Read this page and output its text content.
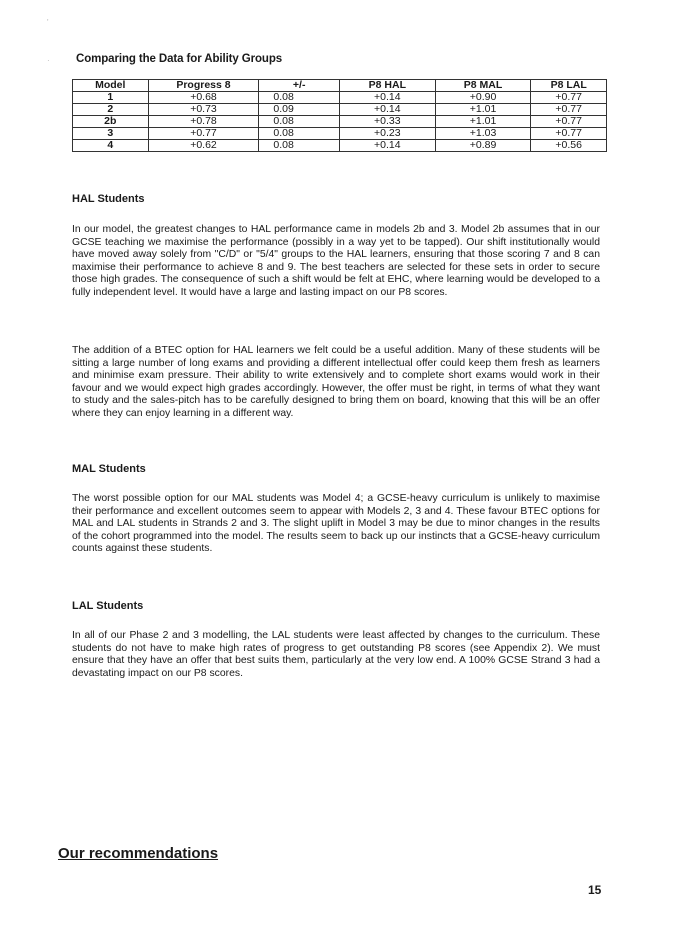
'
· Comparing the Data for Ability Groups
Model	Progress 8	+/-	P8 HAL	P8 MAL	P8 LAL
1	+0.68	0.08	+0.14	+0.90	+0.77
2	+0.73	0.09	+0.14	+1.01	+0.77
2b	+0.78	0.08	+0.33	+1.01	+0.77
3	+0.77	0.08	+0.23	+1.03	+0.77
4	+0.62	0.08	+0.14	+0.89	+0.56
HAL Students

In our model, the greatest changes to HAL performance came in models 2b and 3. Model 2b assumes that in our GCSE teaching we maximise the performance (possibly in a way yet to be tapped). Our shift institutionally would have moved away solely from "C/D" or "5/4" groups to the HAL learners, ensuring that those scoring 7 and 8 can maximise their performance to achieve 8 and 9. The best teachers are selected for these sets in order to secure those high grades. The consequence of such a shift would be felt at EHC, where learning would be developed to a fully independent level. It would have a large and lasting impact on our P8 scores.

The addition of a BTEC option for HAL learners we felt could be a useful addition. Many of these students will be sitting a large number of long exams and providing a different intellectual offer could keep them fresh as learners and minimise exam pressure. Their ability to write extensively and to complete short exams would work in their favour and we would expect high grades accordingly. However, the offer must be right, in terms of what they want to study and the sales-pitch has to be carefully designed to bring them on board, knowing that this will be an offer where they can enjoy learning in a different way.

MAL Students

The worst possible option for our MAL students was Model 4; a GCSE-heavy curriculum is unlikely to maximise their performance and excellent outcomes seem to appear with Models 2, 3 and 4. These favour BTEC options for MAL and LAL students in Strands 2 and 3. The slight uplift in Model 3 may be due to minor changes in the results of the cohort programmed into the model. The results seem to back up our instincts that a GCSE-heavy curriculum counts against these students.

LAL Students

In all of our Phase 2 and 3 modelling, the LAL students were least affected by changes to the curriculum. These students do not have to make high rates of progress to get outstanding P8 scores (see Appendix 2). We must ensure that they have an offer that best suits them, particularly at the very low end. A 100% GCSE Strand 3 had a devastating impact on our P8 scores.

Our recommendations
15
